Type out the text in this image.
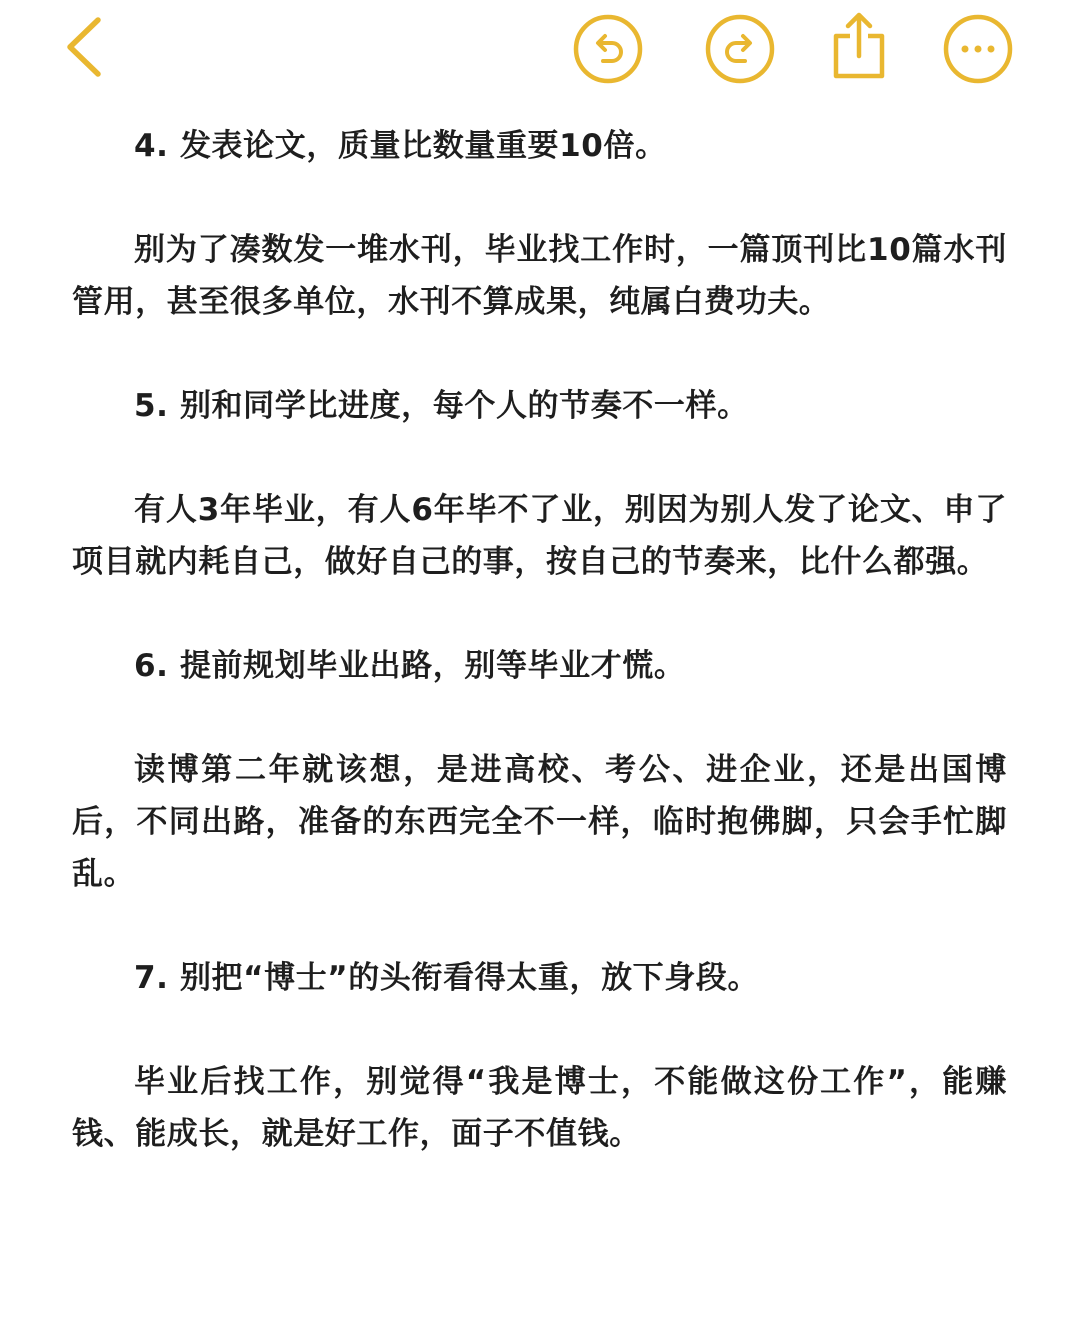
4. 发表论文，质量比数量重要10倍。

别为了凑数发一堆水刊，毕业找工作时，一篇顶刊比10篇水刊管用，甚至很多单位，水刊不算成果，纯属白费功夫。

5. 别和同学比进度，每个人的节奏不一样。

有人3年毕业，有人6年毕不了业，别因为别人发了论文、申了项目就内耗自己，做好自己的事，按自己的节奏来，比什么都强。

6. 提前规划毕业出路，别等毕业才慌。

读博第二年就该想，是进高校、考公、进企业，还是出国博后，不同出路，准备的东西完全不一样，临时抱佛脚，只会手忙脚乱。

7. 别把“博士”的头衔看得太重，放下身段。

毕业后找工作，别觉得“我是博士，不能做这份工作”，能赚钱、能成长，就是好工作，面子不值钱。
